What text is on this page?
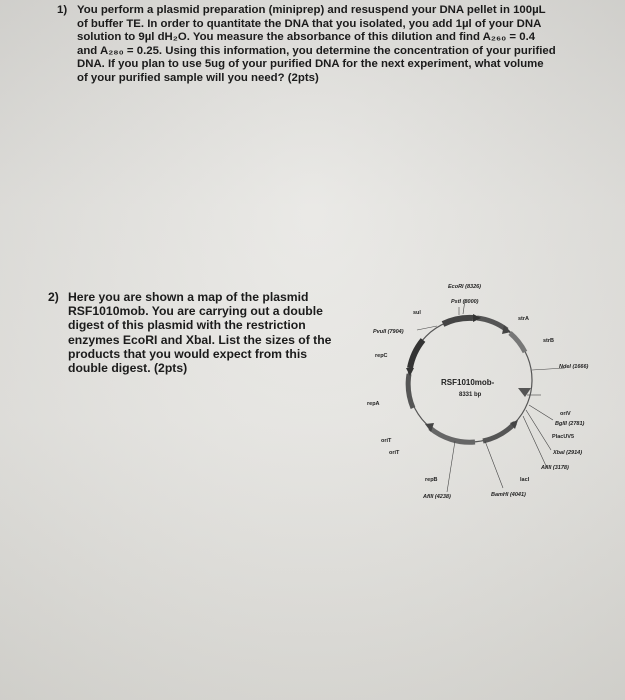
1) You perform a plasmid preparation (miniprep) and resuspend your DNA pellet in 100µL
of buffer TE. In order to quantitate the DNA that you isolated, you add 1µl of your DNA
solution to 9µl dH₂O. You measure the absorbance of this dilution and find A₂₆₀ = 0.4
and A₂₈₀ = 0.25. Using this information, you determine the concentration of your purified
DNA. If you plan to use 5ug of your purified DNA for the next experiment, what volume
of your purified sample will you need? (2pts)
2) Here you are shown a map of the plasmid
RSF1010mob. You are carrying out a double
digest of this plasmid with the restriction
enzymes EcoRI and XbaI. List the sizes of the
products that you would expect from this
double digest. (2pts)
EcoRI (8326)
PstI (8000)
sul
strA
PvuII (7904)
strB
repC
NdeI (1666)
RSF1010mob-
8331 bp
repA
oriV
BglII (2781)
oriT
PlacUV5
oriT	XbaI (2914)
AflII (3178)
lacI
repB
AflII (4238)	BamHI (4041)
